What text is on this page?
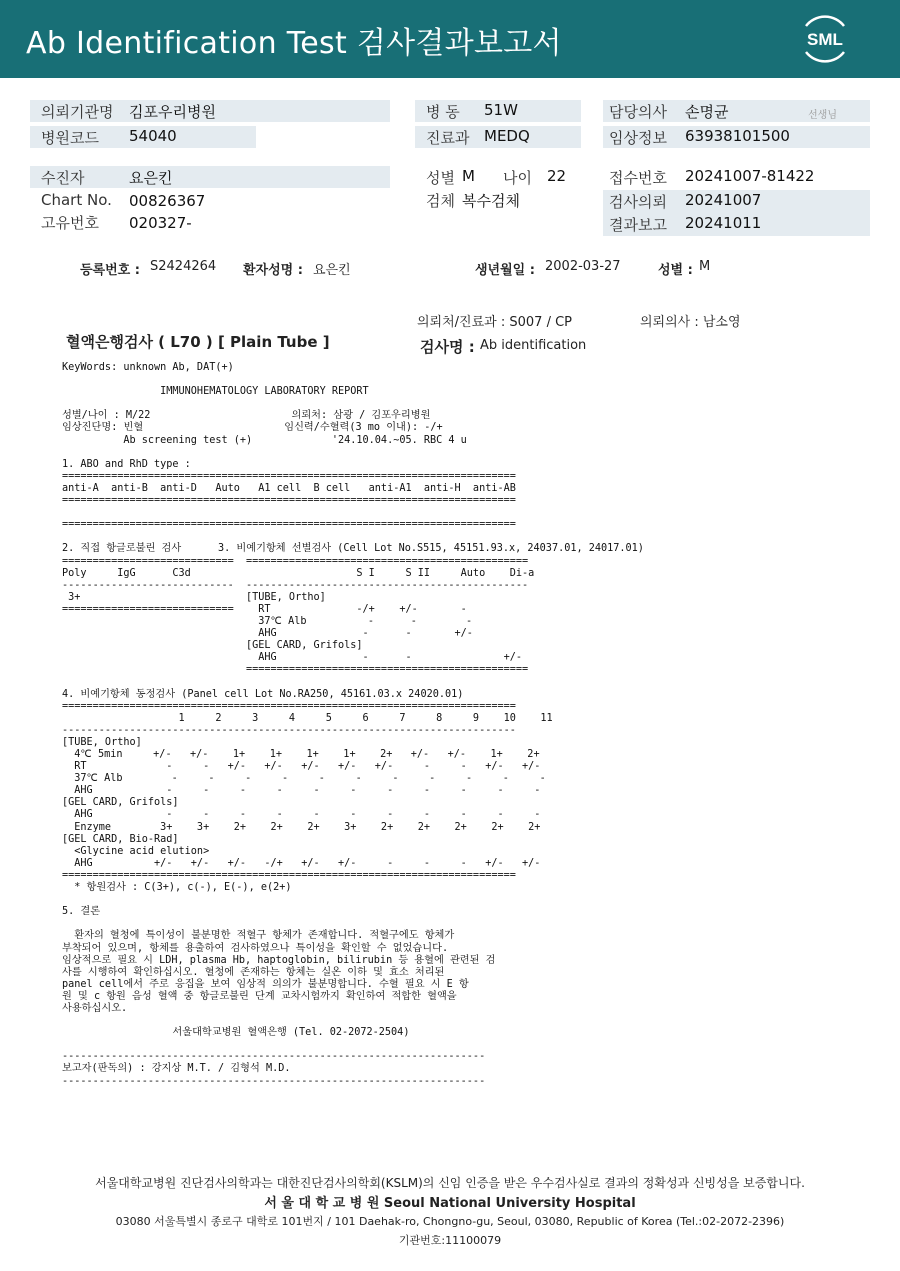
Ab Identification Test 검사결과보고서	SML
의뢰기관명 김포우리병원
병원코드 54040
병 동 51W
진료과 MEDQ
담당의사 손명균	선생님
임상정보 63938101500
수진자	요은킨
Chart No. 00826367
고유번호 020327-
성별 M 나이 22
검체 복수검체
접수번호 20241007-81422
검사의뢰 20241007
결과보고 20241011
등록번호 : S2424264 환자성명 : 요은킨	생년월일 : 2002-03-27	성별 : M
의뢰처/진료과 : S007 / CP	의뢰의사 : 남소영
혈액은행검사 ( L70 ) [ Plain Tube ]	검사명 : Ab identification
KeyWords: unknown Ab, DAT(+)

IMMUNOHEMATOLOGY LABORATORY REPORT

성별/나이 : M/22                       의뢰처: 삼광 / 김포우리병원
임상진단명: 빈혈                       임신력/수혈력(3 mo 이내): -/+
Ab screening test (+)             '24.10.04.~05. RBC 4 u

1. ABO and RhD type :
==========================================================================
anti-A  anti-B  anti-D   Auto   A1 cell  B cell   anti-A1  anti-H  anti-AB
==========================================================================

==========================================================================

2. 직접 항글로불린 검사      3. 비예기항체 선별검사 (Cell Lot No.S515, 45151.93.x, 24037.01, 24017.01)
============================  ==============================================
Poly     IgG      C3d                           S I     S II     Auto    Di-a
----------------------------  ----------------------------------------------
3+                           [TUBE, Ortho]
============================    RT              -/+    +/-       -
37℃ Alb          -      -        -
AHG              -      -       +/-
[GEL CARD, Grifols]
AHG              -      -               +/-
==============================================

4. 비예기항체 동정검사 (Panel cell Lot No.RA250, 45161.03.x 24020.01)
==========================================================================
1     2     3     4     5     6     7     8     9    10    11
--------------------------------------------------------------------------
[TUBE, Ortho]
4℃ 5min     +/-   +/-    1+    1+    1+    1+    2+   +/-   +/-    1+    2+
RT             -     -   +/-   +/-   +/-   +/-   +/-     -     -   +/-   +/-
37℃ Alb        -     -     -     -     -     -     -     -     -     -     -
AHG            -     -     -     -     -     -     -     -     -     -     -
[GEL CARD, Grifols]
AHG            -     -     -     -     -     -     -     -     -     -     -
Enzyme        3+    3+    2+    2+    2+    3+    2+    2+    2+    2+    2+
[GEL CARD, Bio-Rad]
<Glycine acid elution>
AHG          +/-   +/-   +/-   -/+   +/-   +/-     -     -     -   +/-   +/-
==========================================================================
* 항원검사 : C(3+), c(-), E(-), e(2+)

5. 결론

환자의 혈청에 특이성이 불분명한 적혈구 항체가 존재합니다. 적혈구에도 항체가
부착되어 있으며, 항체를 용출하여 검사하였으나 특이성을 확인할 수 없었습니다.
임상적으로 필요 시 LDH, plasma Hb, haptoglobin, bilirubin 등 용혈에 관련된 검
사를 시행하여 확인하십시오. 혈청에 존재하는 항체는 실온 이하 및 효소 처리된
panel cell에서 주로 응집을 보여 임상적 의의가 불분명합니다. 수혈 필요 시 E 항
원 및 c 항원 음성 혈액 중 항글로불린 단계 교차시험까지 확인하여 적합한 혈액을
사용하십시오.

서울대학교병원 혈액은행 (Tel. 02-2072-2504)

---------------------------------------------------------------------
보고자(판독의) : 강지상 M.T. / 김형석 M.D.
---------------------------------------------------------------------
서울대학교병원 진단검사의학과는 대한진단검사의학회(KSLM)의 신임 인증을 받은 우수검사실로 결과의 정확성과 신빙성을 보증합니다.
서 울 대 학 교 병 원 Seoul National University Hospital
03080 서울특별시 종로구 대학로 101번지 / 101 Daehak-ro, Chongno-gu, Seoul, 03080, Republic of Korea (Tel.:02-2072-2396)
기관번호:11100079
